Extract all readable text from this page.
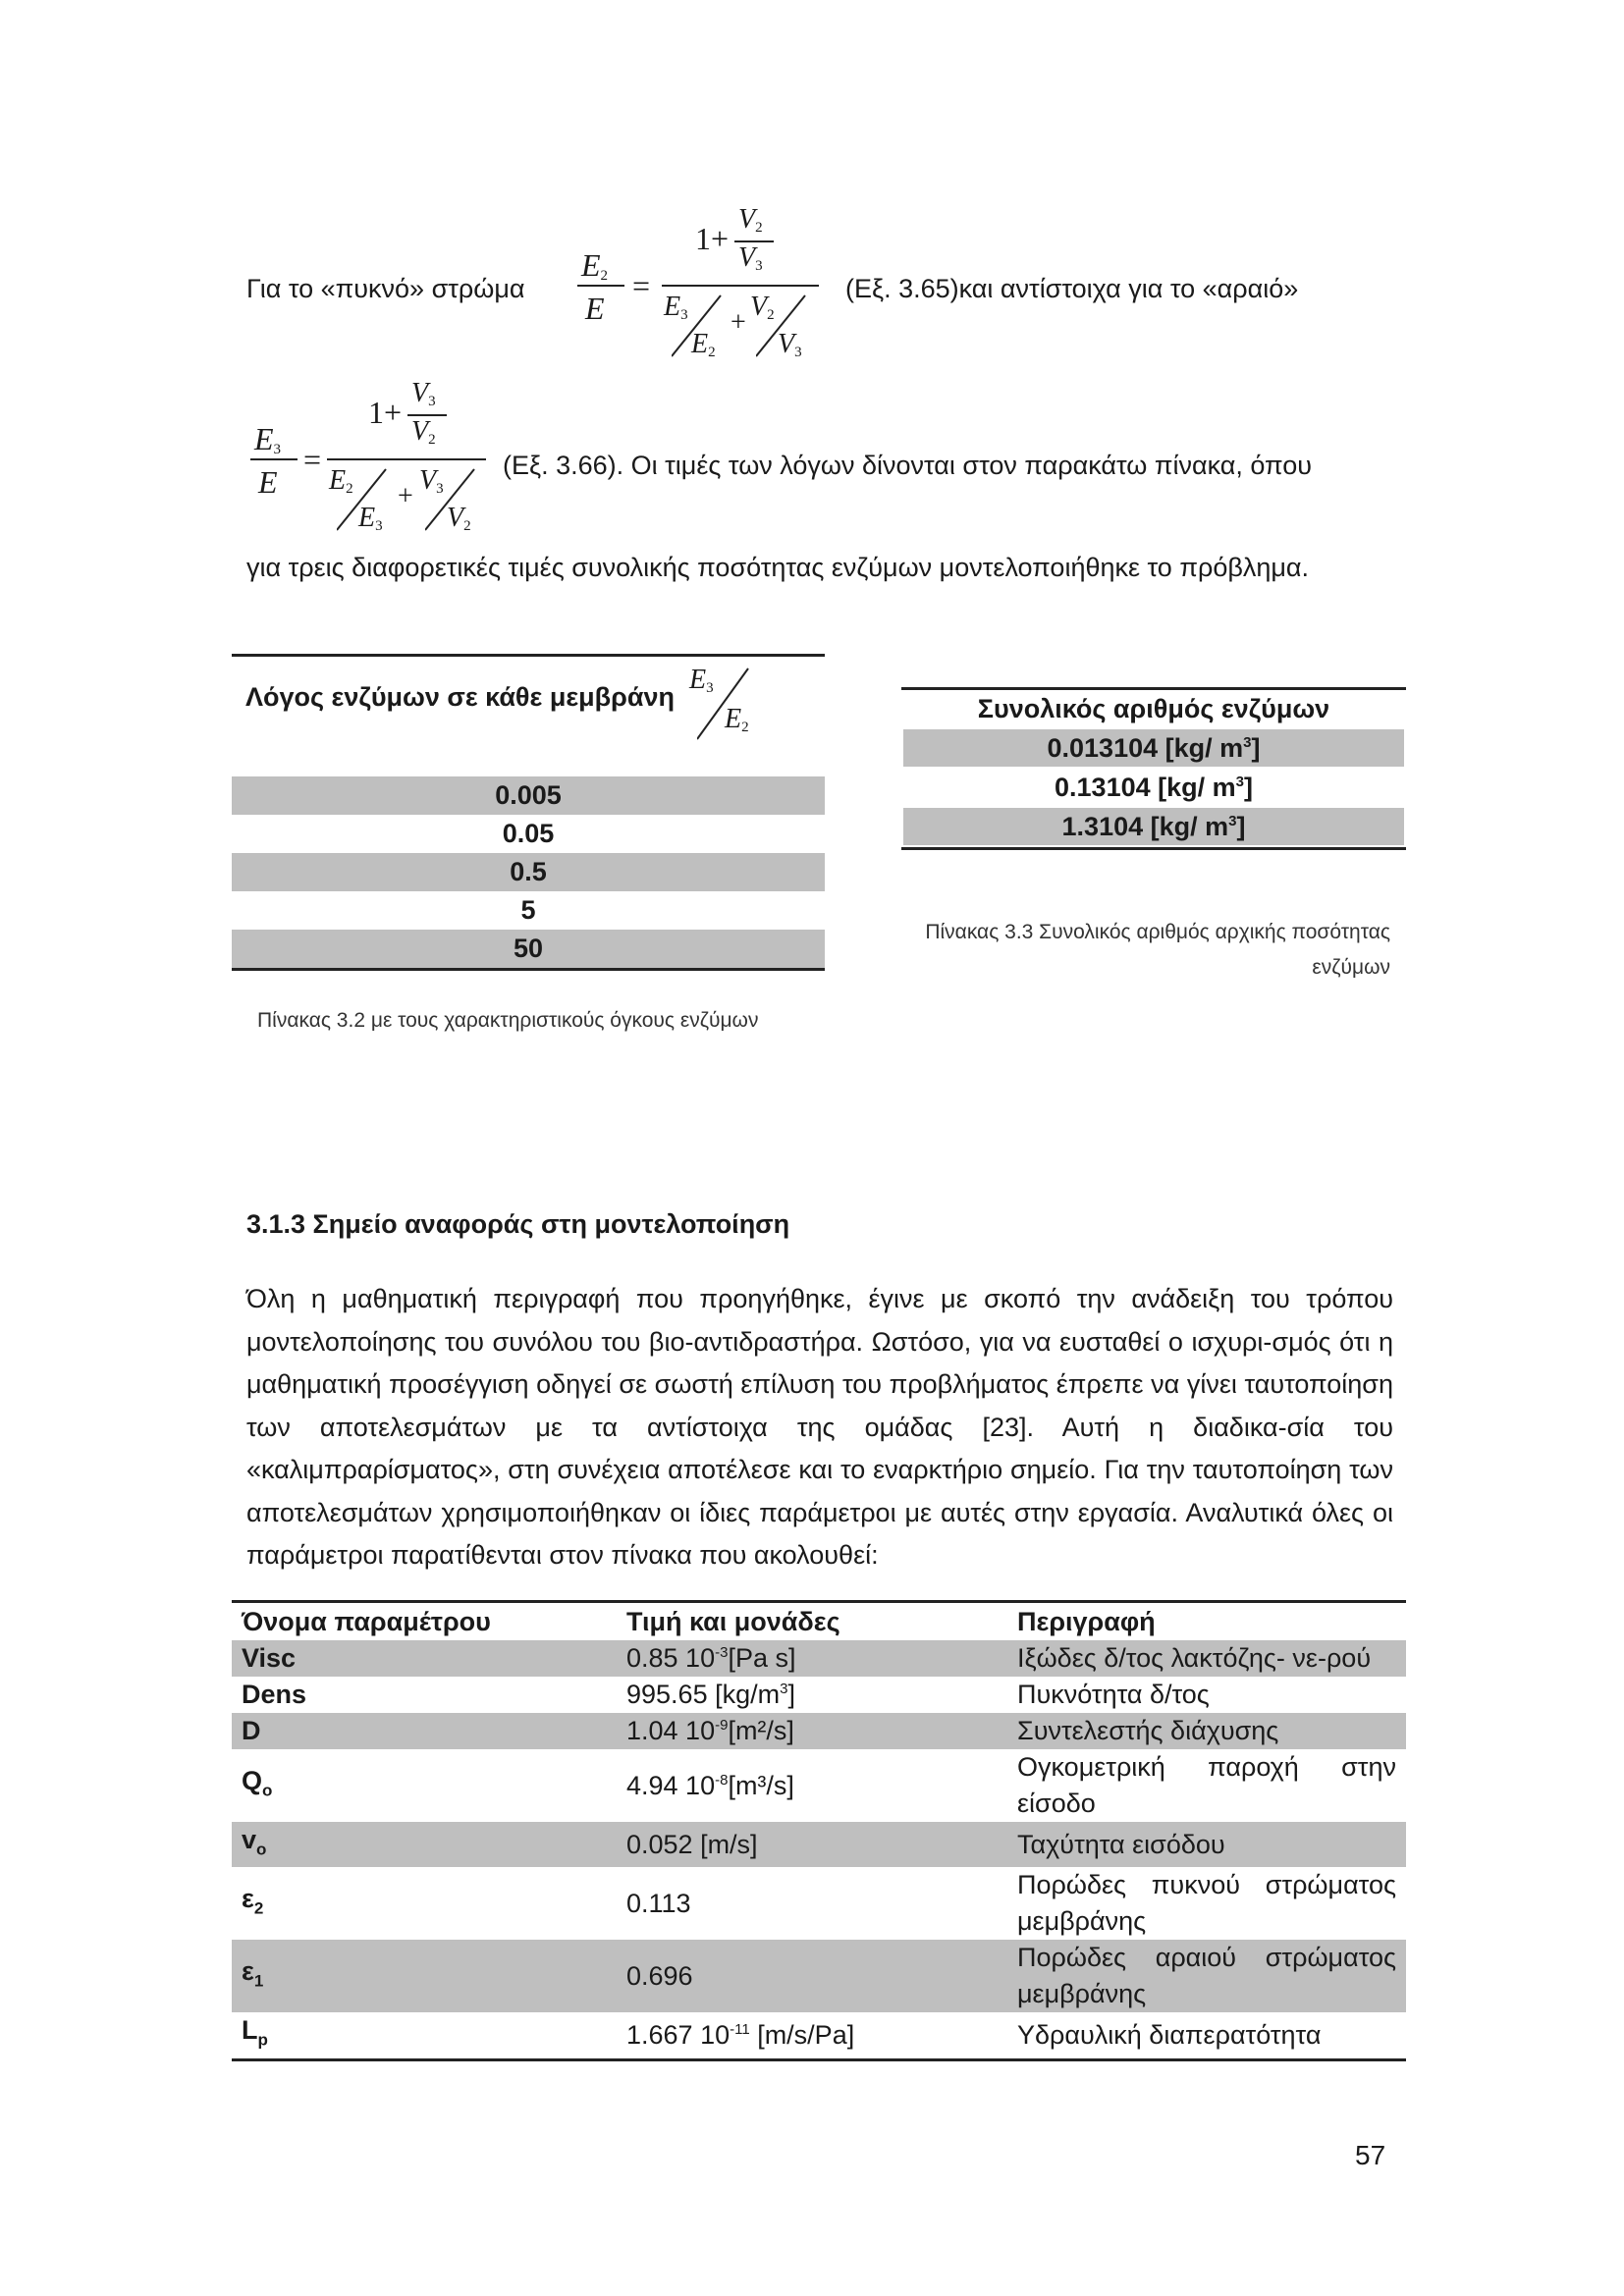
Για το «πυκνό» στρώμα	(Εξ. 3.65)και αντίστοιχα για το «αραιό»
$E_2$
E
=
1+
$V_2$
$V_3$
$E_3$
$E_2$
+
$V_2$
$V_3$
$E_3$
E
=
1+
$V_3$
$V_2$
$E_2$
$E_3$
+
$V_3$
$V_2$
(Εξ. 3.66). Οι τιμές των λόγων δίνονται στον παρακάτω πίνακα, όπου
για τρεις διαφορετικές τιμές συνολικής ποσότητας ενζύμων μοντελοποιήθηκε το πρόβλημα.
Λόγος ενζύμων σε κάθε μεμβράνη
$E_3$
$E_2$
0.005
0.05
0.5
5
50
Πίνακας 3.2 με τους χαρακτηριστικούς όγκους ενζύμων
Συνολικός αριθμός ενζύμων
0.013104 [kg/ $m^3$]
0.13104 [kg/ $m^3$]
1.3104 [kg/ $m^3$]
Πίνακας 3.3 Συνολικός αριθμός αρχικής ποσότητας
ενζύμων
3.1.3 Σημείο αναφοράς στη μοντελοποίηση
Όλη η μαθηματική περιγραφή που προηγήθηκε, έγινε με σκοπό την ανάδειξη του τρόπου μοντελοποίησης του συνόλου του βιο-αντιδραστήρα. Ωστόσο, για να ευσταθεί ο ισχυρι-σμός ότι η μαθηματική προσέγγιση οδηγεί σε σωστή επίλυση του προβλήματος έπρεπε να γίνει ταυτοποίηση των αποτελεσμάτων με τα αντίστοιχα της ομάδας [23]. Αυτή η διαδικα-σία του «καλιμπραρίσματος», στη συνέχεια αποτέλεσε και το εναρκτήριο σημείο. Για την ταυτοποίηση των αποτελεσμάτων χρησιμοποιήθηκαν οι ίδιες παράμετροι με αυτές στην εργασία. Αναλυτικά όλες οι παράμετροι παρατίθενται στον πίνακα που ακολουθεί:
Όνομα παραμέτρου	Τιμή και μονάδες	Περιγραφή
Visc	0.85 $10^{-3}[Pa$ s]	Ιξώδες δ/τος λακτόζης- νε-ρού

Dens	995.65 $[kg/m^3]$	Πυκνότητα δ/τος

D	1.04 $10^{-9}[m^2/s]$	Συντελεστής διάχυσης

$Q_o$	4.94 $10^{-8}[m^3/s]$	Ογκομετρική παροχή στην είσοδο

$v_o$	0.052 [m/s]	Ταχύτητα εισόδου

$\varepsilon_2$	0.113	Πορώδες πυκνού στρώματος μεμβράνης

$\varepsilon_1$	0.696	Πορώδες αραιού στρώματος μεμβράνης

$L_p$	1.667 $10^{-11}$ [m/s/Pa]	Υδραυλική διαπερατότητα
57
